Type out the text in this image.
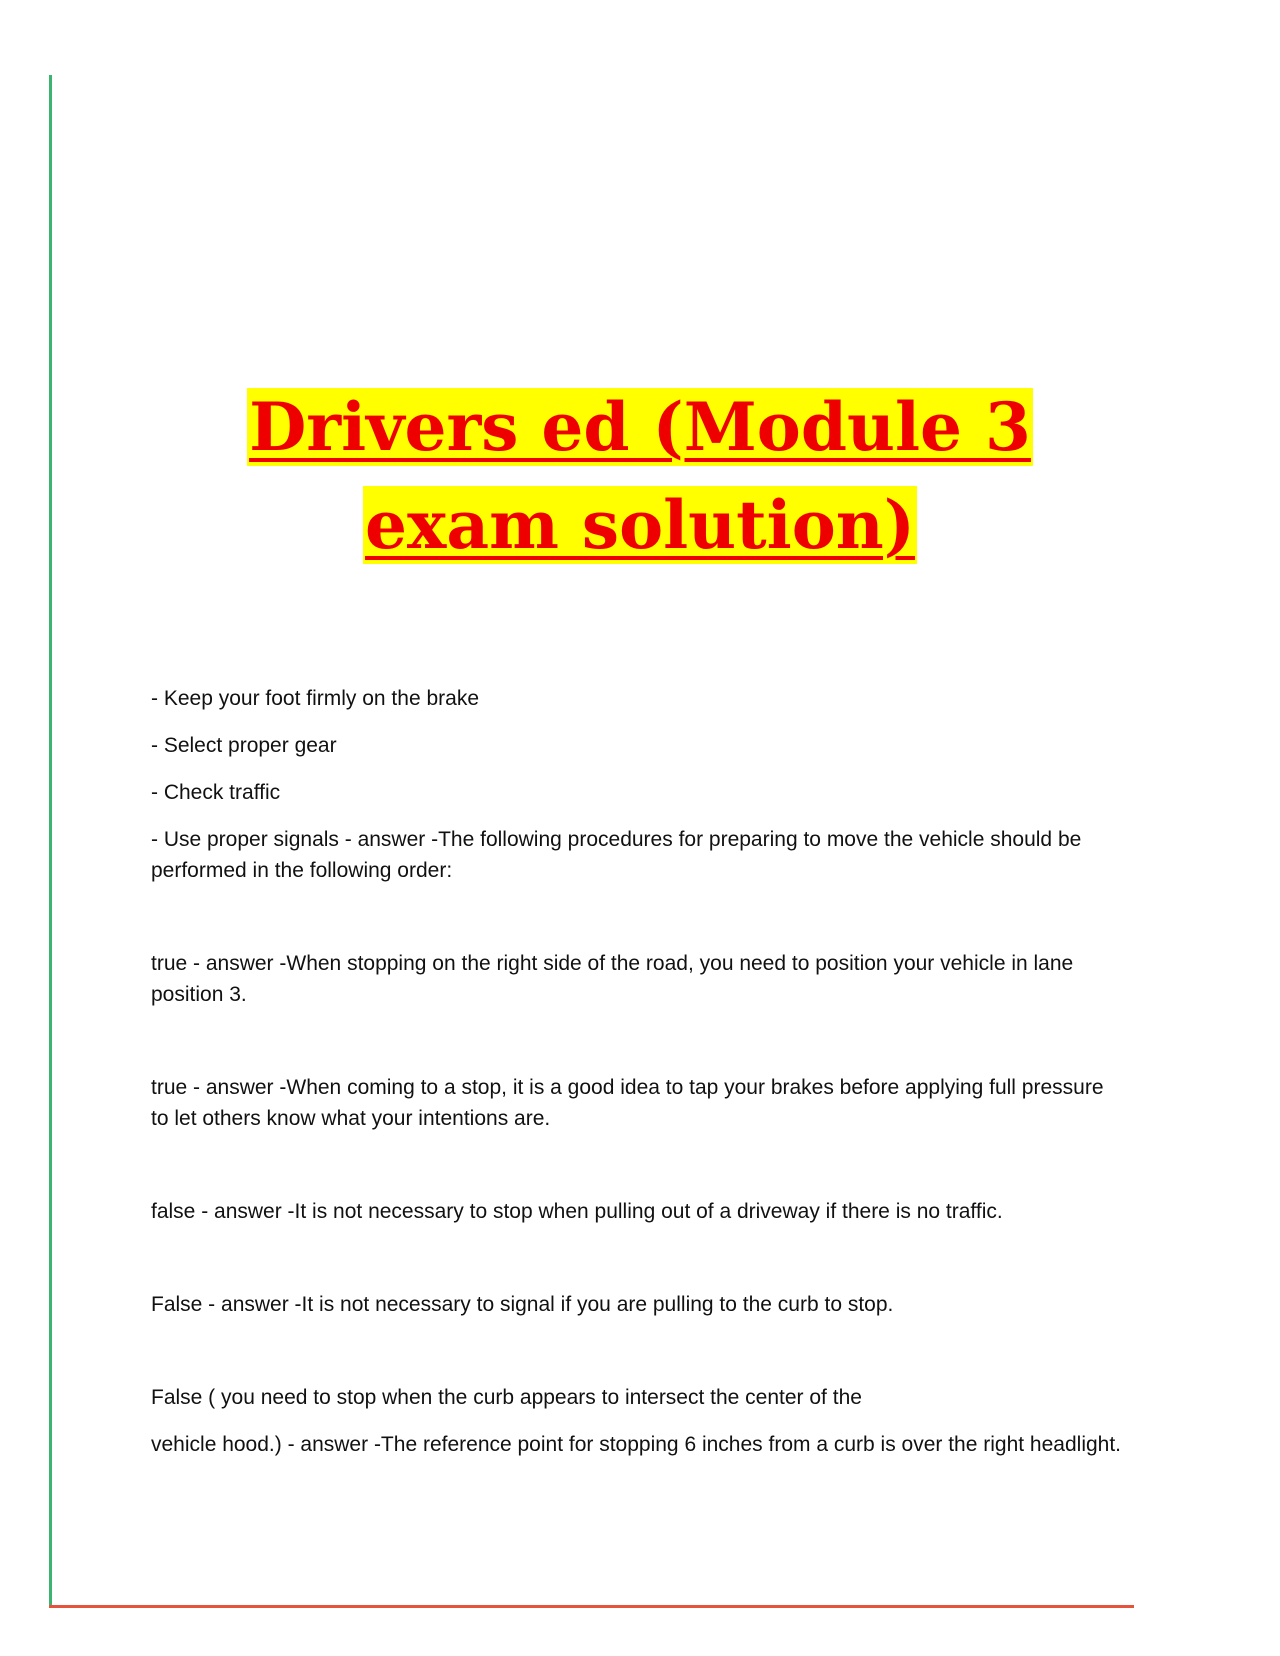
Drivers ed (Module 3

exam solution)

- Keep your foot firmly on the brake

- Select proper gear

- Check traffic

- Use proper signals - answer -The following procedures for preparing to move the vehicle should be performed in the following order:

true - answer -When stopping on the right side of the road, you need to position your vehicle in lane position 3.

true - answer -When coming to a stop, it is a good idea to tap your brakes before applying full pressure to let others know what your intentions are.

false - answer -It is not necessary to stop when pulling out of a driveway if there is no traffic.

False - answer -It is not necessary to signal if you are pulling to the curb to stop.

False ( you need to stop when the curb appears to intersect the center of the

vehicle hood.) - answer -The reference point for stopping 6 inches from a curb is over the right headlight.
